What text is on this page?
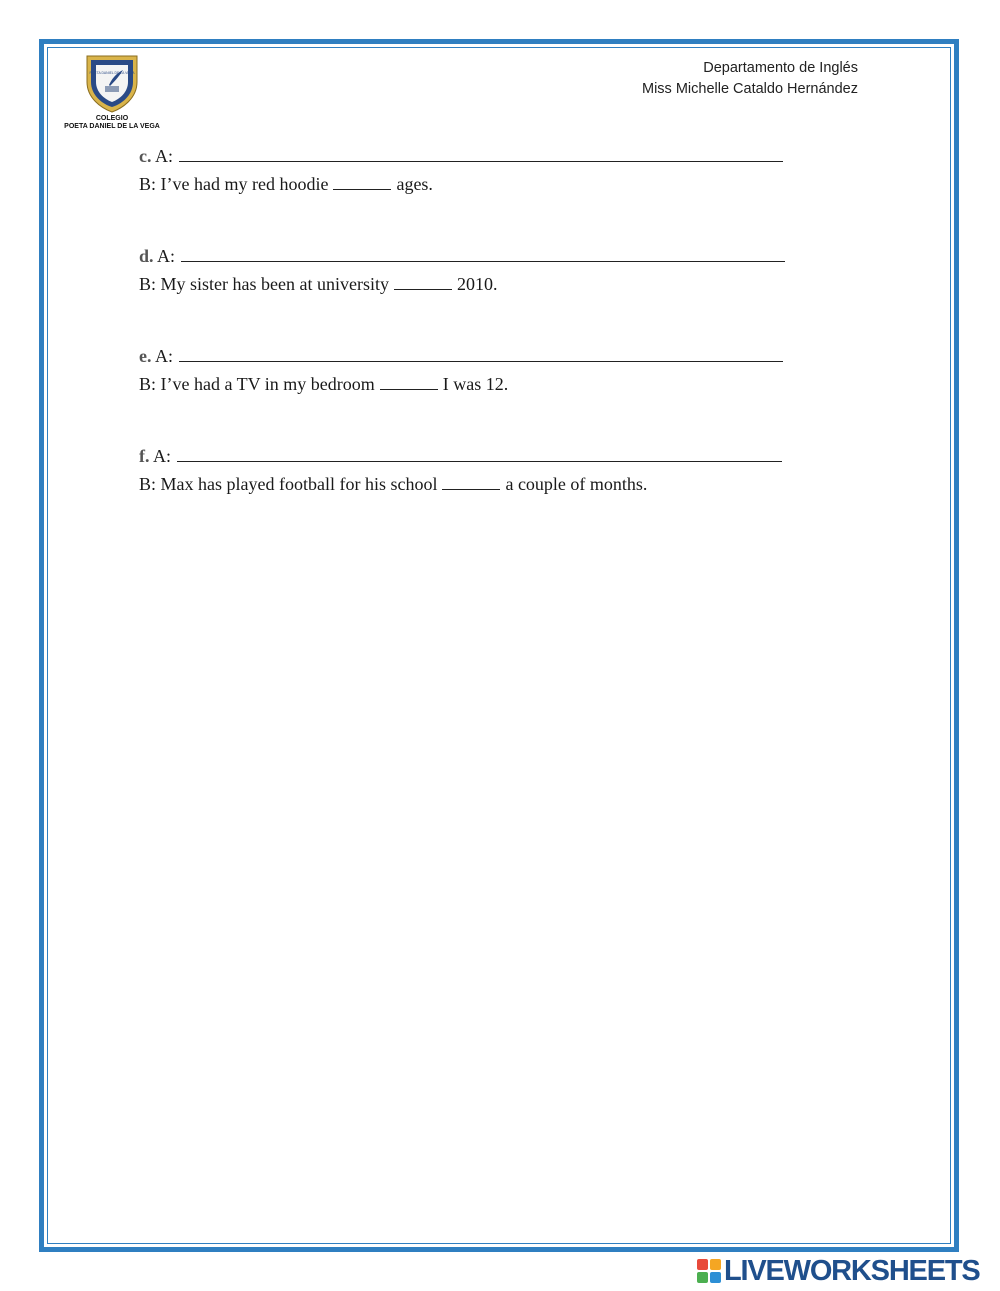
POETA DANIEL DE LA VEGA
COLEGIO
POETA DANIEL DE LA VEGA
Departamento de Inglés
Miss Michelle Cataldo Hernández
c. A:
B: I’ve had my red hoodie	ages.
d. A:
B: My sister has been at university	2010.
e. A:
B: I’ve had a TV in my bedroom	I was 12.
f. A:
B: Max has played football for his school	a couple of months.
LIVEWORKSHEETS
